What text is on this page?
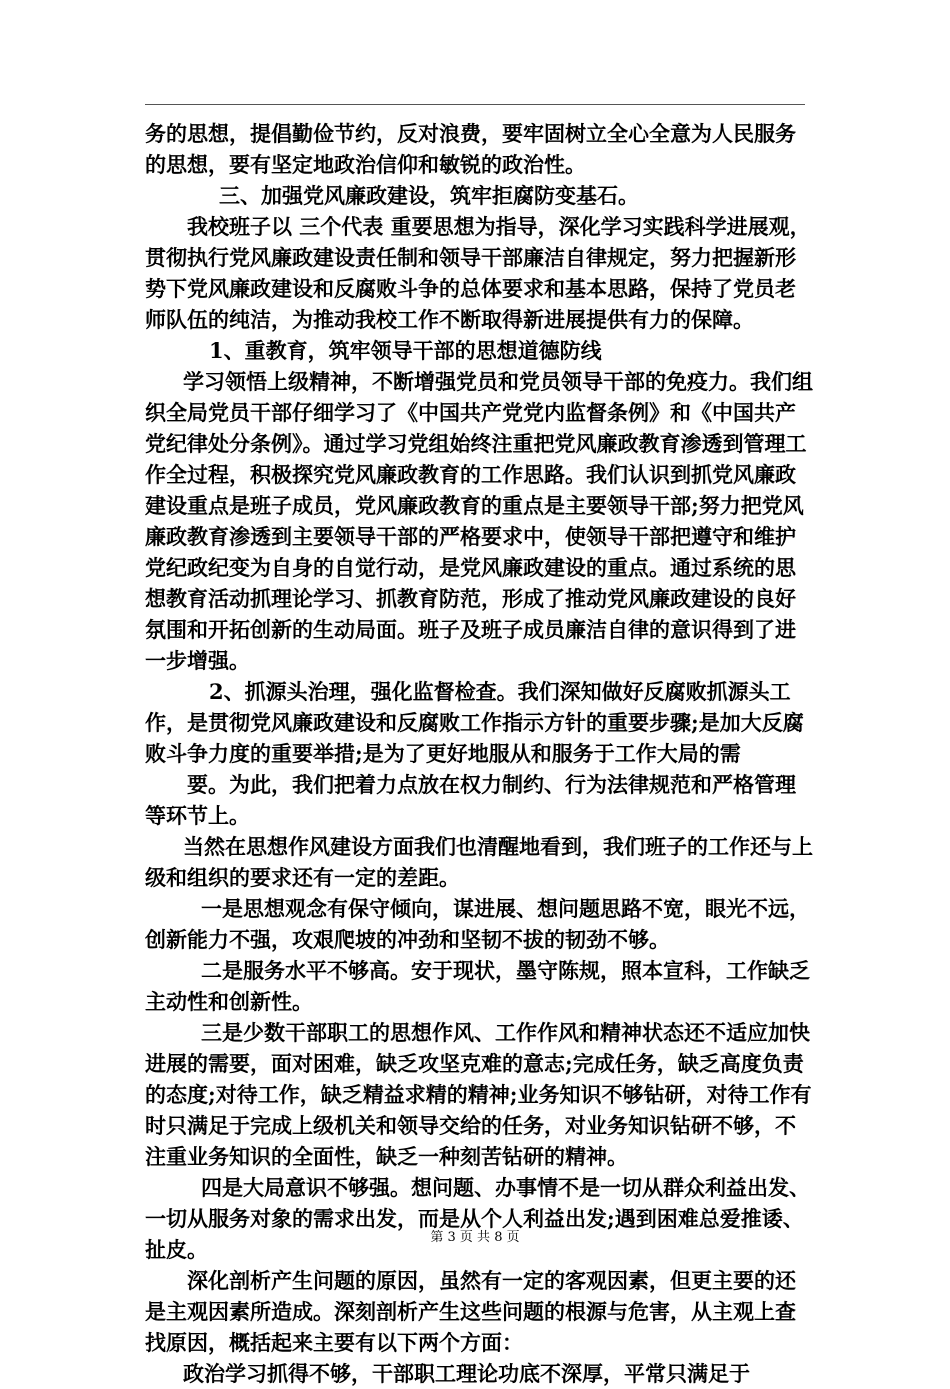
务的思想，提倡勤俭节约，反对浪费，要牢固树立全心全意为人民服务的思想，要有坚定地政治信仰和敏锐的政治性。

三、加强党风廉政建设，筑牢拒腐防变基石。

我校班子以 三个代表 重要思想为指导，深化学习实践科学进展观，贯彻执行党风廉政建设责任制和领导干部廉洁自律规定，努力把握新形势下党风廉政建设和反腐败斗争的总体要求和基本思路，保持了党员老师队伍的纯洁，为推动我校工作不断取得新进展提供有力的保障。

1、重教育，筑牢领导干部的思想道德防线

学习领悟上级精神，不断增强党员和党员领导干部的免疫力。我们组织全局党员干部仔细学习了《中国共产党党内监督条例》和《中国共产党纪律处分条例》。通过学习党组始终注重把党风廉政教育渗透到管理工作全过程，积极探究党风廉政教育的工作思路。我们认识到抓党风廉政建设重点是班子成员，党风廉政教育的重点是主要领导干部;努力把党风廉政教育渗透到主要领导干部的严格要求中，使领导干部把遵守和维护党纪政纪变为自身的自觉行动，是党风廉政建设的重点。通过系统的思想教育活动抓理论学习、抓教育防范，形成了推动党风廉政建设的良好氛围和开拓创新的生动局面。班子及班子成员廉洁自律的意识得到了进一步增强。

2、抓源头治理，强化监督检查。我们深知做好反腐败抓源头工作，是贯彻党风廉政建设和反腐败工作指示方针的重要步骤;是加大反腐败斗争力度的重要举措;是为了更好地服从和服务于工作大局的需

要。为此，我们把着力点放在权力制约、行为法律规范和严格管理等环节上。

当然在思想作风建设方面我们也清醒地看到，我们班子的工作还与上级和组织的要求还有一定的差距。

一是思想观念有保守倾向，谋进展、想问题思路不宽，眼光不远，创新能力不强，攻艰爬坡的冲劲和坚韧不拔的韧劲不够。

二是服务水平不够高。安于现状，墨守陈规，照本宣科，工作缺乏主动性和创新性。

三是少数干部职工的思想作风、工作作风和精神状态还不适应加快进展的需要，面对困难，缺乏攻坚克难的意志;完成任务，缺乏高度负责的态度;对待工作，缺乏精益求精的精神;业务知识不够钻研，对待工作有时只满足于完成上级机关和领导交给的任务，对业务知识钻研不够，不注重业务知识的全面性，缺乏一种刻苦钻研的精神。

四是大局意识不够强。想问题、办事情不是一切从群众利益出发、一切从服务对象的需求出发，而是从个人利益出发;遇到困难总爱推诿、扯皮。

深化剖析产生问题的原因，虽然有一定的客观因素，但更主要的还是主观因素所造成。深刻剖析产生这些问题的根源与危害，从主观上查找原因，概括起来主要有以下两个方面：

政治学习抓得不够，干部职工理论功底不深厚，平常只满足于

第 3 页 共 8 页
